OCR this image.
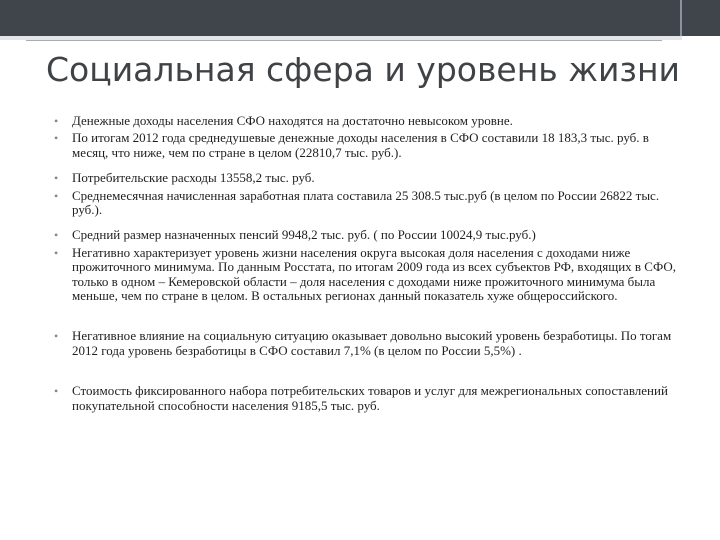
Социальная сфера и уровень жизни
• Денежные доходы населения СФО находятся на достаточно невысоком уровне.
• По итогам 2012 года среднедушевые денежные доходы населения в СФО составили 18 183,3 тыс. руб. в месяц, что ниже, чем по стране в целом (22810,7 тыс. руб.).
• Потребительские расходы 13558,2 тыс. руб.
• Среднемесячная начисленная заработная плата составила 25 308.5 тыс.руб (в целом по России 26822 тыс. руб.).
• Средний размер назначенных пенсий 9948,2 тыс. руб. ( по России 10024,9 тыс.руб.)
• Негативно характеризует уровень жизни населения округа высокая доля населения с доходами ниже прожиточного минимума. По данным Росстата, по итогам 2009 года из всех субъектов РФ, входящих в СФО, только в одном – Кемеровской области – доля населения с доходами ниже прожиточного минимума была меньше, чем по стране в целом. В остальных регионах данный показатель хуже общероссийского.
• Негативное влияние на социальную ситуацию оказывает довольно высокий уровень безработицы. По тогам 2012 года уровень безработицы в СФО составил 7,1% (в целом по России 5,5%) .
• Стоимость фиксированного набора потребительских товаров и услуг для межрегиональных сопоставлений покупательной способности населения 9185,5 тыс. руб.
